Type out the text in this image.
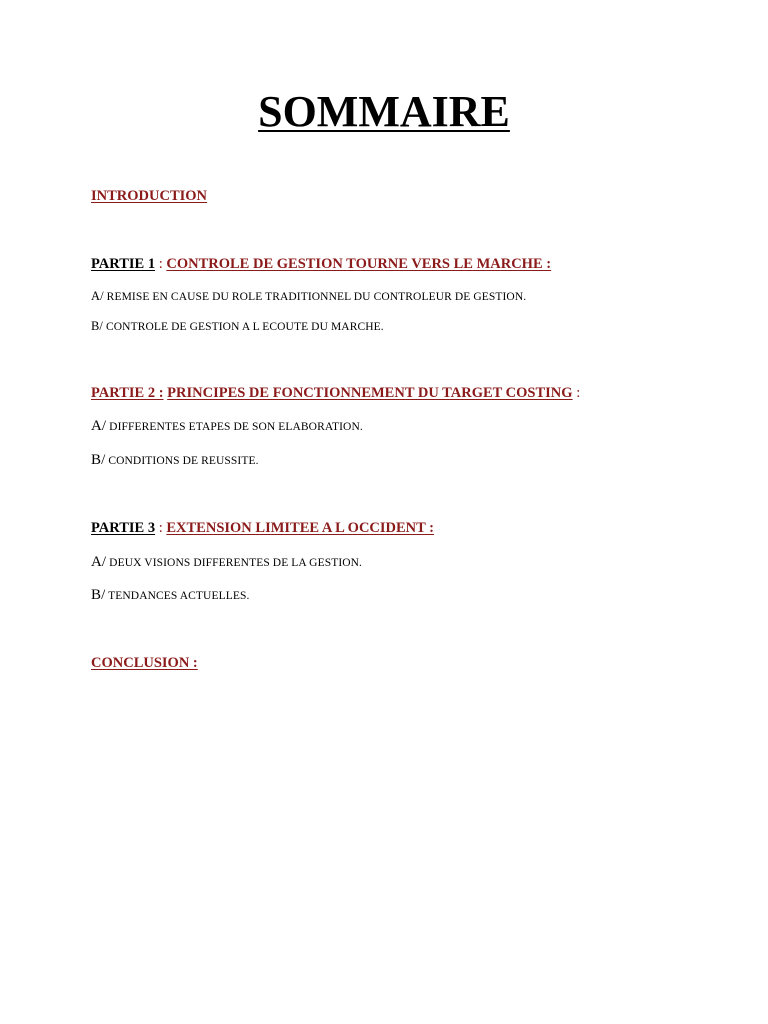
SOMMAIRE

INTRODUCTION

PARTIE 1 : CONTROLE DE GESTION TOURNE VERS LE MARCHE :

A/ REMISE EN CAUSE DU ROLE TRADITIONNEL DU CONTROLEUR DE GESTION.

B/ CONTROLE DE GESTION A L ECOUTE DU MARCHE.

PARTIE 2 : PRINCIPES DE FONCTIONNEMENT DU TARGET COSTING :

A/ DIFFERENTES ETAPES DE SON ELABORATION.

B/ CONDITIONS DE REUSSITE.

PARTIE 3 : EXTENSION LIMITEE A L OCCIDENT :

A/ DEUX VISIONS DIFFERENTES DE LA GESTION.

B/ TENDANCES ACTUELLES.

CONCLUSION :
